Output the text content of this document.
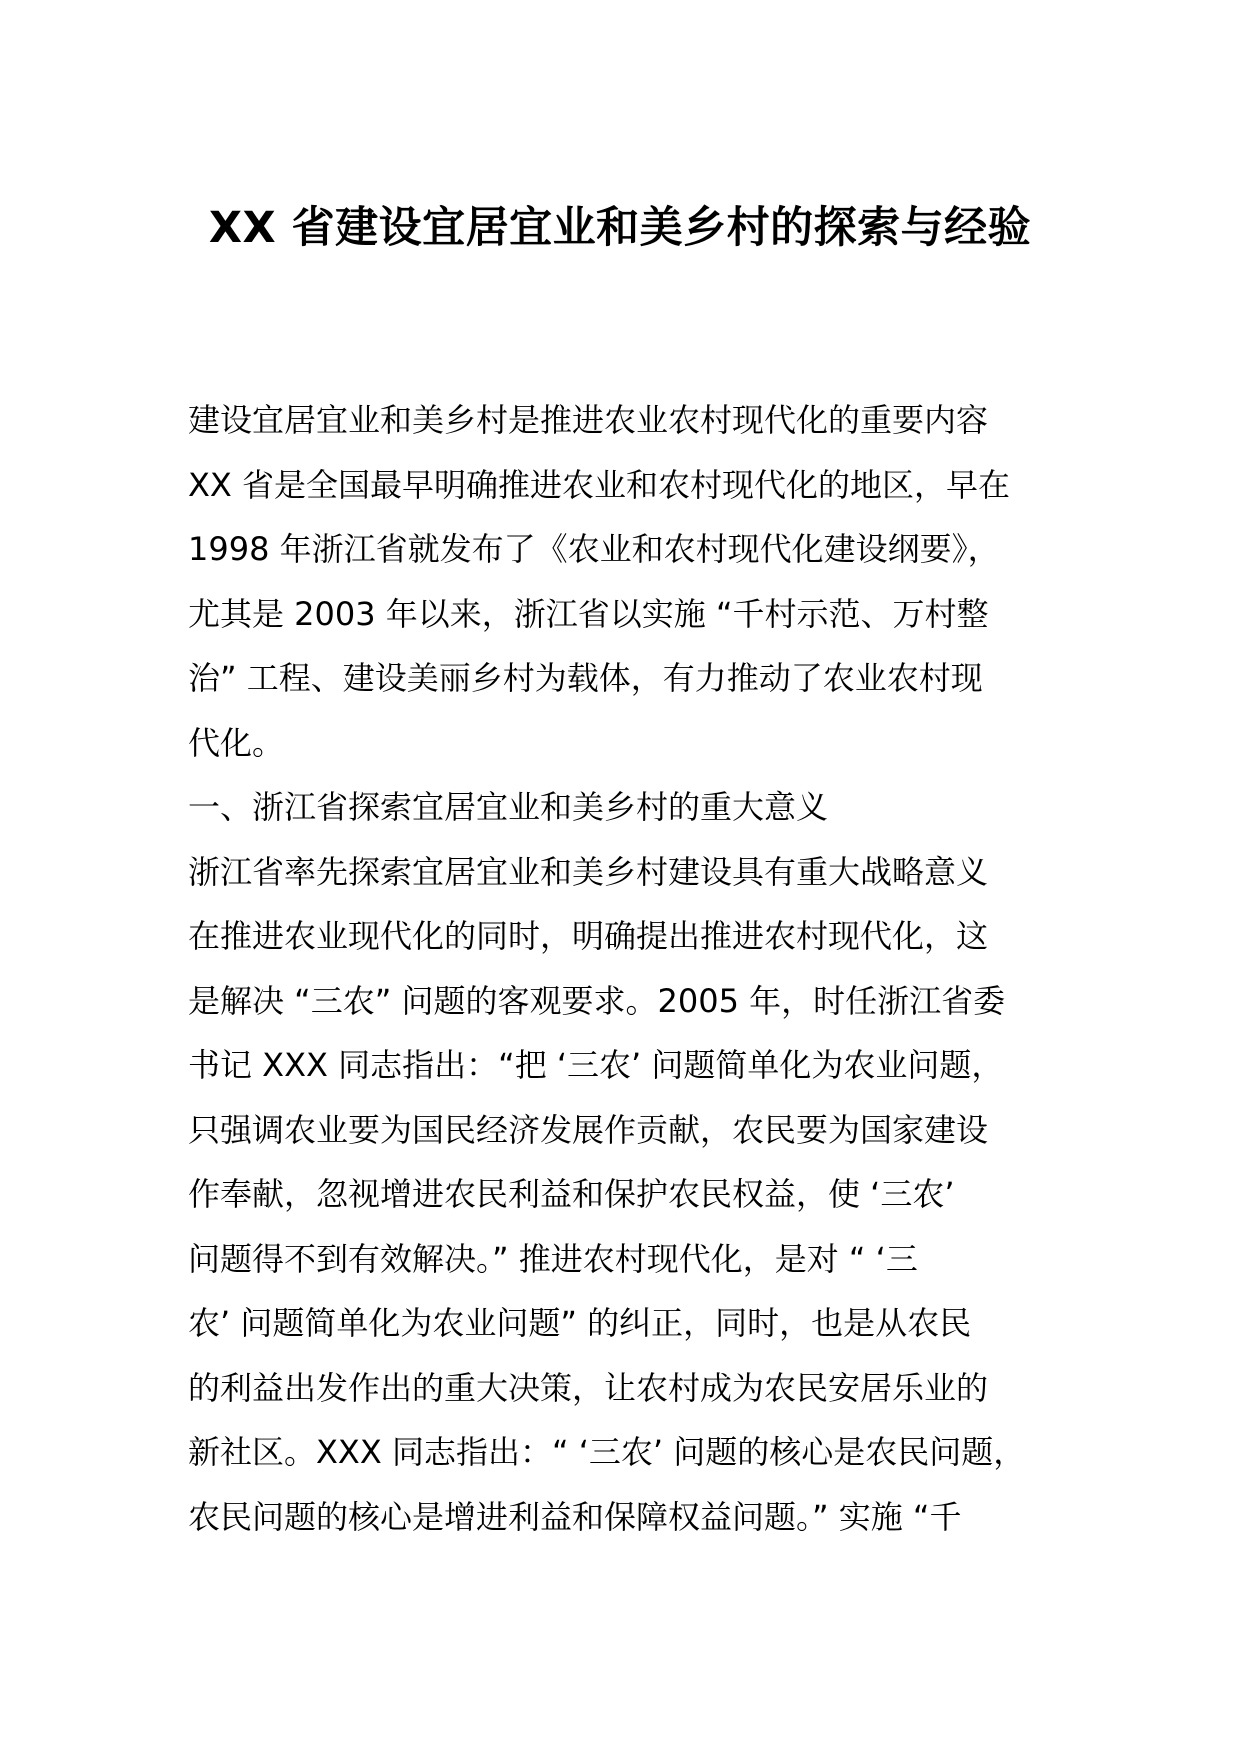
XX 省建设宜居宜业和美乡村的探索与经验
建设宜居宜业和美乡村是推进农业农村现代化的重要内容
XX 省是全国最早明确推进农业和农村现代化的地区，早在
1998 年浙江省就发布了《农业和农村现代化建设纲要》，
尤其是 2003 年以来，浙江省以实施 “千村示范、万村整
治” 工程、建设美丽乡村为载体，有力推动了农业农村现
代化。
一、浙江省探索宜居宜业和美乡村的重大意义
浙江省率先探索宜居宜业和美乡村建设具有重大战略意义
在推进农业现代化的同时，明确提出推进农村现代化，这
是解决 “三农” 问题的客观要求。2005 年，时任浙江省委
书记 XXX 同志指出：“把 ‘三农’ 问题简单化为农业问题，
只强调农业要为国民经济发展作贡献，农民要为国家建设
作奉献，忽视增进农民利益和保护农民权益，使 ‘三农’
问题得不到有效解决。” 推进农村现代化，是对 “ ‘三
农’ 问题简单化为农业问题” 的纠正，同时，也是从农民
的利益出发作出的重大决策，让农村成为农民安居乐业的
新社区。XXX 同志指出：“ ‘三农’ 问题的核心是农民问题，
农民问题的核心是增进利益和保障权益问题。” 实施 “千
